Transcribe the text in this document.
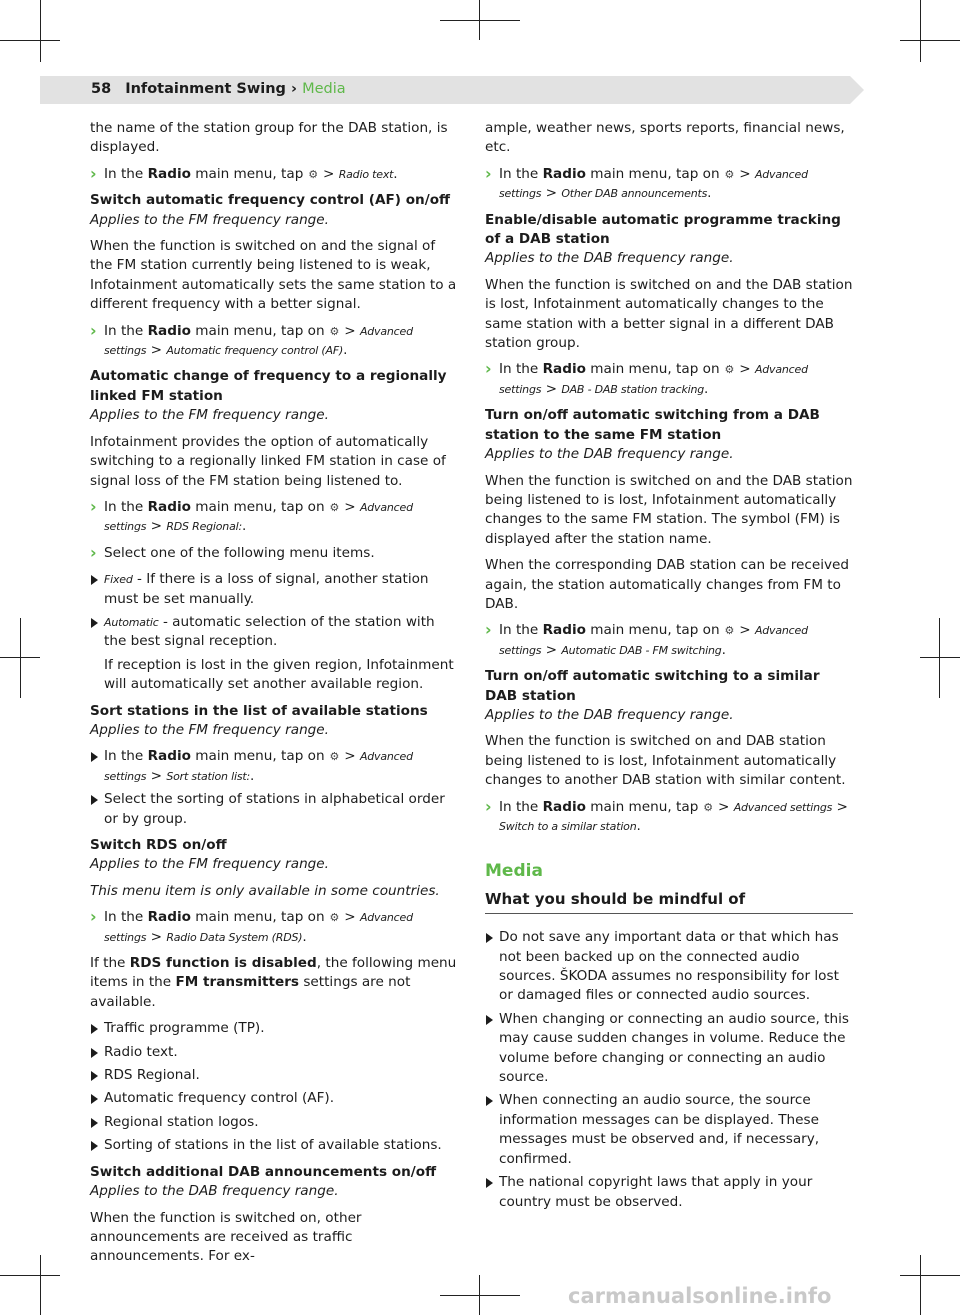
58 Infotainment Swing › Media

the name of the station group for the DAB station, is displayed.

› In the Radio main menu, tap ⚙ > Radio text.

Switch automatic frequency control (AF) on/off

Applies to the FM frequency range.

When the function is switched on and the signal of the FM station currently being listened to is weak, Infotainment automatically sets the same station to a different frequency with a better signal.

› In the Radio main menu, tap on ⚙ > Advanced settings > Automatic frequency control (AF).

Automatic change of frequency to a regionally linked FM station

Applies to the FM frequency range.

Infotainment provides the option of automatically switching to a regionally linked FM station in case of signal loss of the FM station being listened to.

› In the Radio main menu, tap on ⚙ > Advanced settings > RDS Regional:.

› Select one of the following menu items.

Fixed - If there is a loss of signal, another station must be set manually.

Automatic - automatic selection of the station with the best signal reception.

If reception is lost in the given region, Infotainment will automatically set another available region.

Sort stations in the list of available stations

Applies to the FM frequency range.

In the Radio main menu, tap on ⚙ > Advanced settings > Sort station list:.

Select the sorting of stations in alphabetical order or by group.

Switch RDS on/off

Applies to the FM frequency range.

This menu item is only available in some countries.

› In the Radio main menu, tap on ⚙ > Advanced settings > Radio Data System (RDS).

If the RDS function is disabled, the following menu items in the FM transmitters settings are not available.

Traffic programme (TP).

Radio text.

RDS Regional.

Automatic frequency control (AF).

Regional station logos.

Sorting of stations in the list of available stations.

Switch additional DAB announcements on/off

Applies to the DAB frequency range.

When the function is switched on, other announcements are received as traffic announcements. For ex-

ample, weather news, sports reports, financial news, etc.

› In the Radio main menu, tap on ⚙ > Advanced settings > Other DAB announcements.

Enable/disable automatic programme tracking of a DAB station

Applies to the DAB frequency range.

When the function is switched on and the DAB station is lost, Infotainment automatically changes to the same station with a better signal in a different DAB station group.

› In the Radio main menu, tap on ⚙ > Advanced settings > DAB - DAB station tracking.

Turn on/off automatic switching from a DAB station to the same FM station

Applies to the DAB frequency range.

When the function is switched on and the DAB station being listened to is lost, Infotainment automatically changes to the same FM station. The symbol (FM) is displayed after the station name.

When the corresponding DAB station can be received again, the station automatically changes from FM to DAB.

› In the Radio main menu, tap on ⚙ > Advanced settings > Automatic DAB - FM switching.

Turn on/off automatic switching to a similar DAB station

Applies to the DAB frequency range.

When the function is switched on and DAB station being listened to is lost, Infotainment automatically changes to another DAB station with similar content.

› In the Radio main menu, tap ⚙ > Advanced settings > Switch to a similar station.

Media

What you should be mindful of

Do not save any important data or that which has not been backed up on the connected audio sources. ŠKODA assumes no responsibility for lost or damaged files or connected audio sources.

When changing or connecting an audio source, this may cause sudden changes in volume. Reduce the volume before changing or connecting an audio source.

When connecting an audio source, the source information messages can be displayed. These messages must be observed and, if necessary, confirmed.

The national copyright laws that apply in your country must be observed.

carmanualsonline.info
